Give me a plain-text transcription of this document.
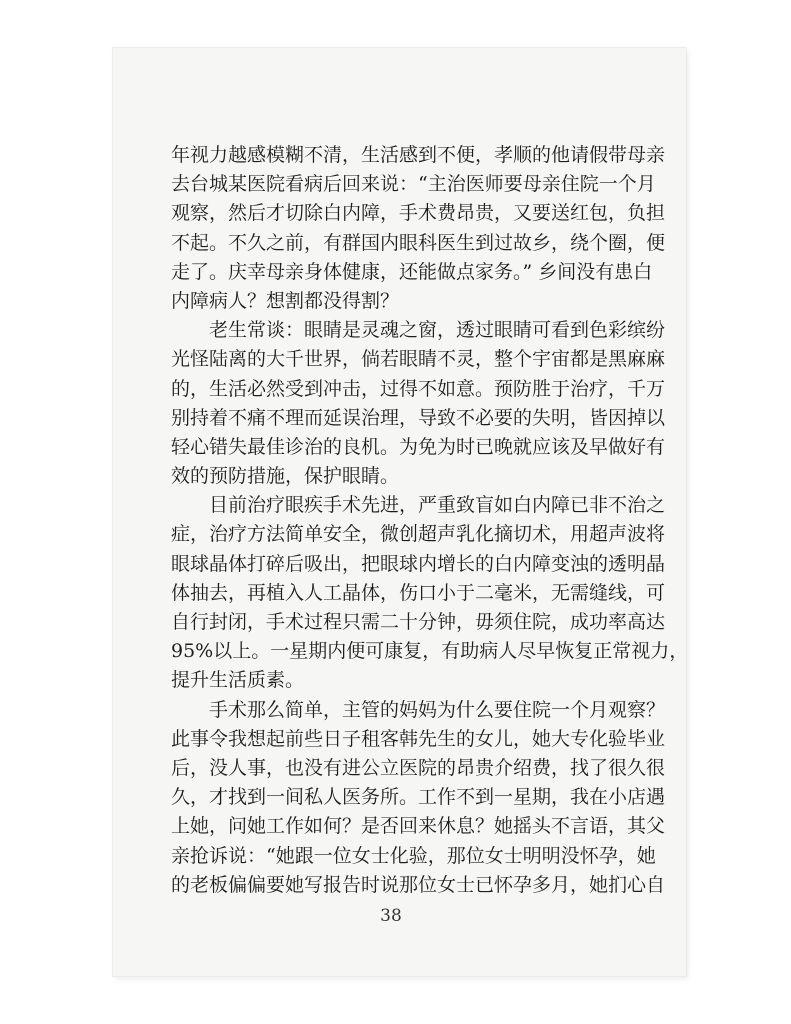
年视力越感模糊不清，生活感到不便，孝顺的他请假带母亲
去台城某医院看病后回来说：“主治医师要母亲住院一个月
观察，然后才切除白内障，手术费昂贵，又要送红包，负担
不起。不久之前，有群国内眼科医生到过故乡，绕个圈，便
走了。庆幸母亲身体健康，还能做点家务。” 乡间没有患白
内障病人？想割都没得割？
老生常谈：眼睛是灵魂之窗，透过眼睛可看到色彩缤纷
光怪陆离的大千世界，倘若眼睛不灵，整个宇宙都是黑麻麻
的，生活必然受到冲击，过得不如意。预防胜于治疗，千万
别持着不痛不理而延误治理，导致不必要的失明，皆因掉以
轻心错失最佳诊治的良机。为免为时已晚就应该及早做好有
效的预防措施，保护眼睛。
目前治疗眼疾手术先进，严重致盲如白内障已非不治之
症，治疗方法简单安全，微创超声乳化摘切术，用超声波将
眼球晶体打碎后吸出，把眼球内增长的白内障变浊的透明晶
体抽去，再植入人工晶体，伤口小于二毫米，无需缝线，可
自行封闭，手术过程只需二十分钟，毋须住院，成功率高达
95%以上。一星期内便可康复，有助病人尽早恢复正常视力，
提升生活质素。
手术那么简单，主管的妈妈为什么要住院一个月观察？
此事令我想起前些日子租客韩先生的女儿，她大专化验毕业
后，没人事，也没有进公立医院的昂贵介绍费，找了很久很
久，才找到一间私人医务所。工作不到一星期，我在小店遇
上她，问她工作如何？是否回来休息？她摇头不言语，其父
亲抢诉说：“她跟一位女士化验，那位女士明明没怀孕，她
的老板偏偏要她写报告时说那位女士已怀孕多月，她扪心自
38
